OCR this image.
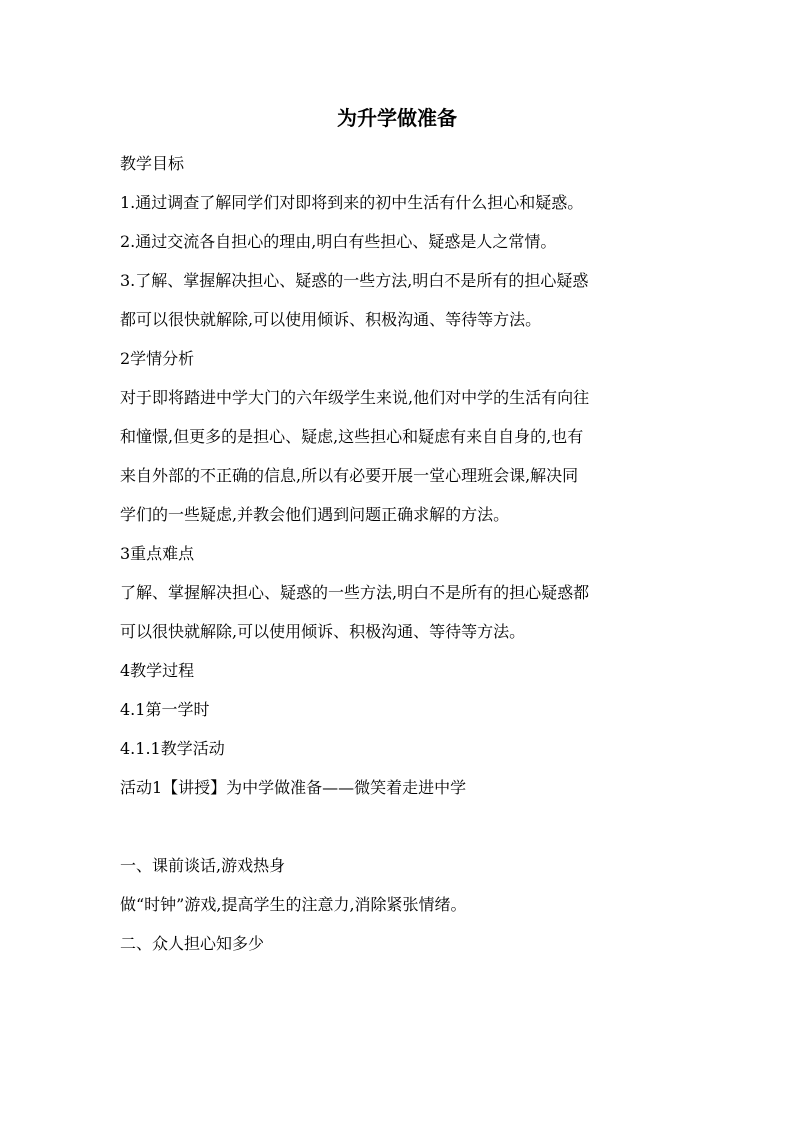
为升学做准备
教学目标
1.通过调查了解同学们对即将到来的初中生活有什么担心和疑惑。
2.通过交流各自担心的理由,明白有些担心、疑惑是人之常情。
3.了解、掌握解决担心、疑惑的一些方法,明白不是所有的担心疑惑
都可以很快就解除,可以使用倾诉、积极沟通、等待等方法。
2学情分析
对于即将踏进中学大门的六年级学生来说,他们对中学的生活有向往
和憧憬,但更多的是担心、疑虑,这些担心和疑虑有来自自身的,也有
来自外部的不正确的信息,所以有必要开展一堂心理班会课,解决同
学们的一些疑虑,并教会他们遇到问题正确求解的方法。
3重点难点
了解、掌握解决担心、疑惑的一些方法,明白不是所有的担心疑惑都
可以很快就解除,可以使用倾诉、积极沟通、等待等方法。
4教学过程
4.1第一学时
4.1.1教学活动
活动1【讲授】为中学做准备——微笑着走进中学
一、课前谈话,游戏热身
做“时钟”游戏,提高学生的注意力,消除紧张情绪。
二、众人担心知多少
